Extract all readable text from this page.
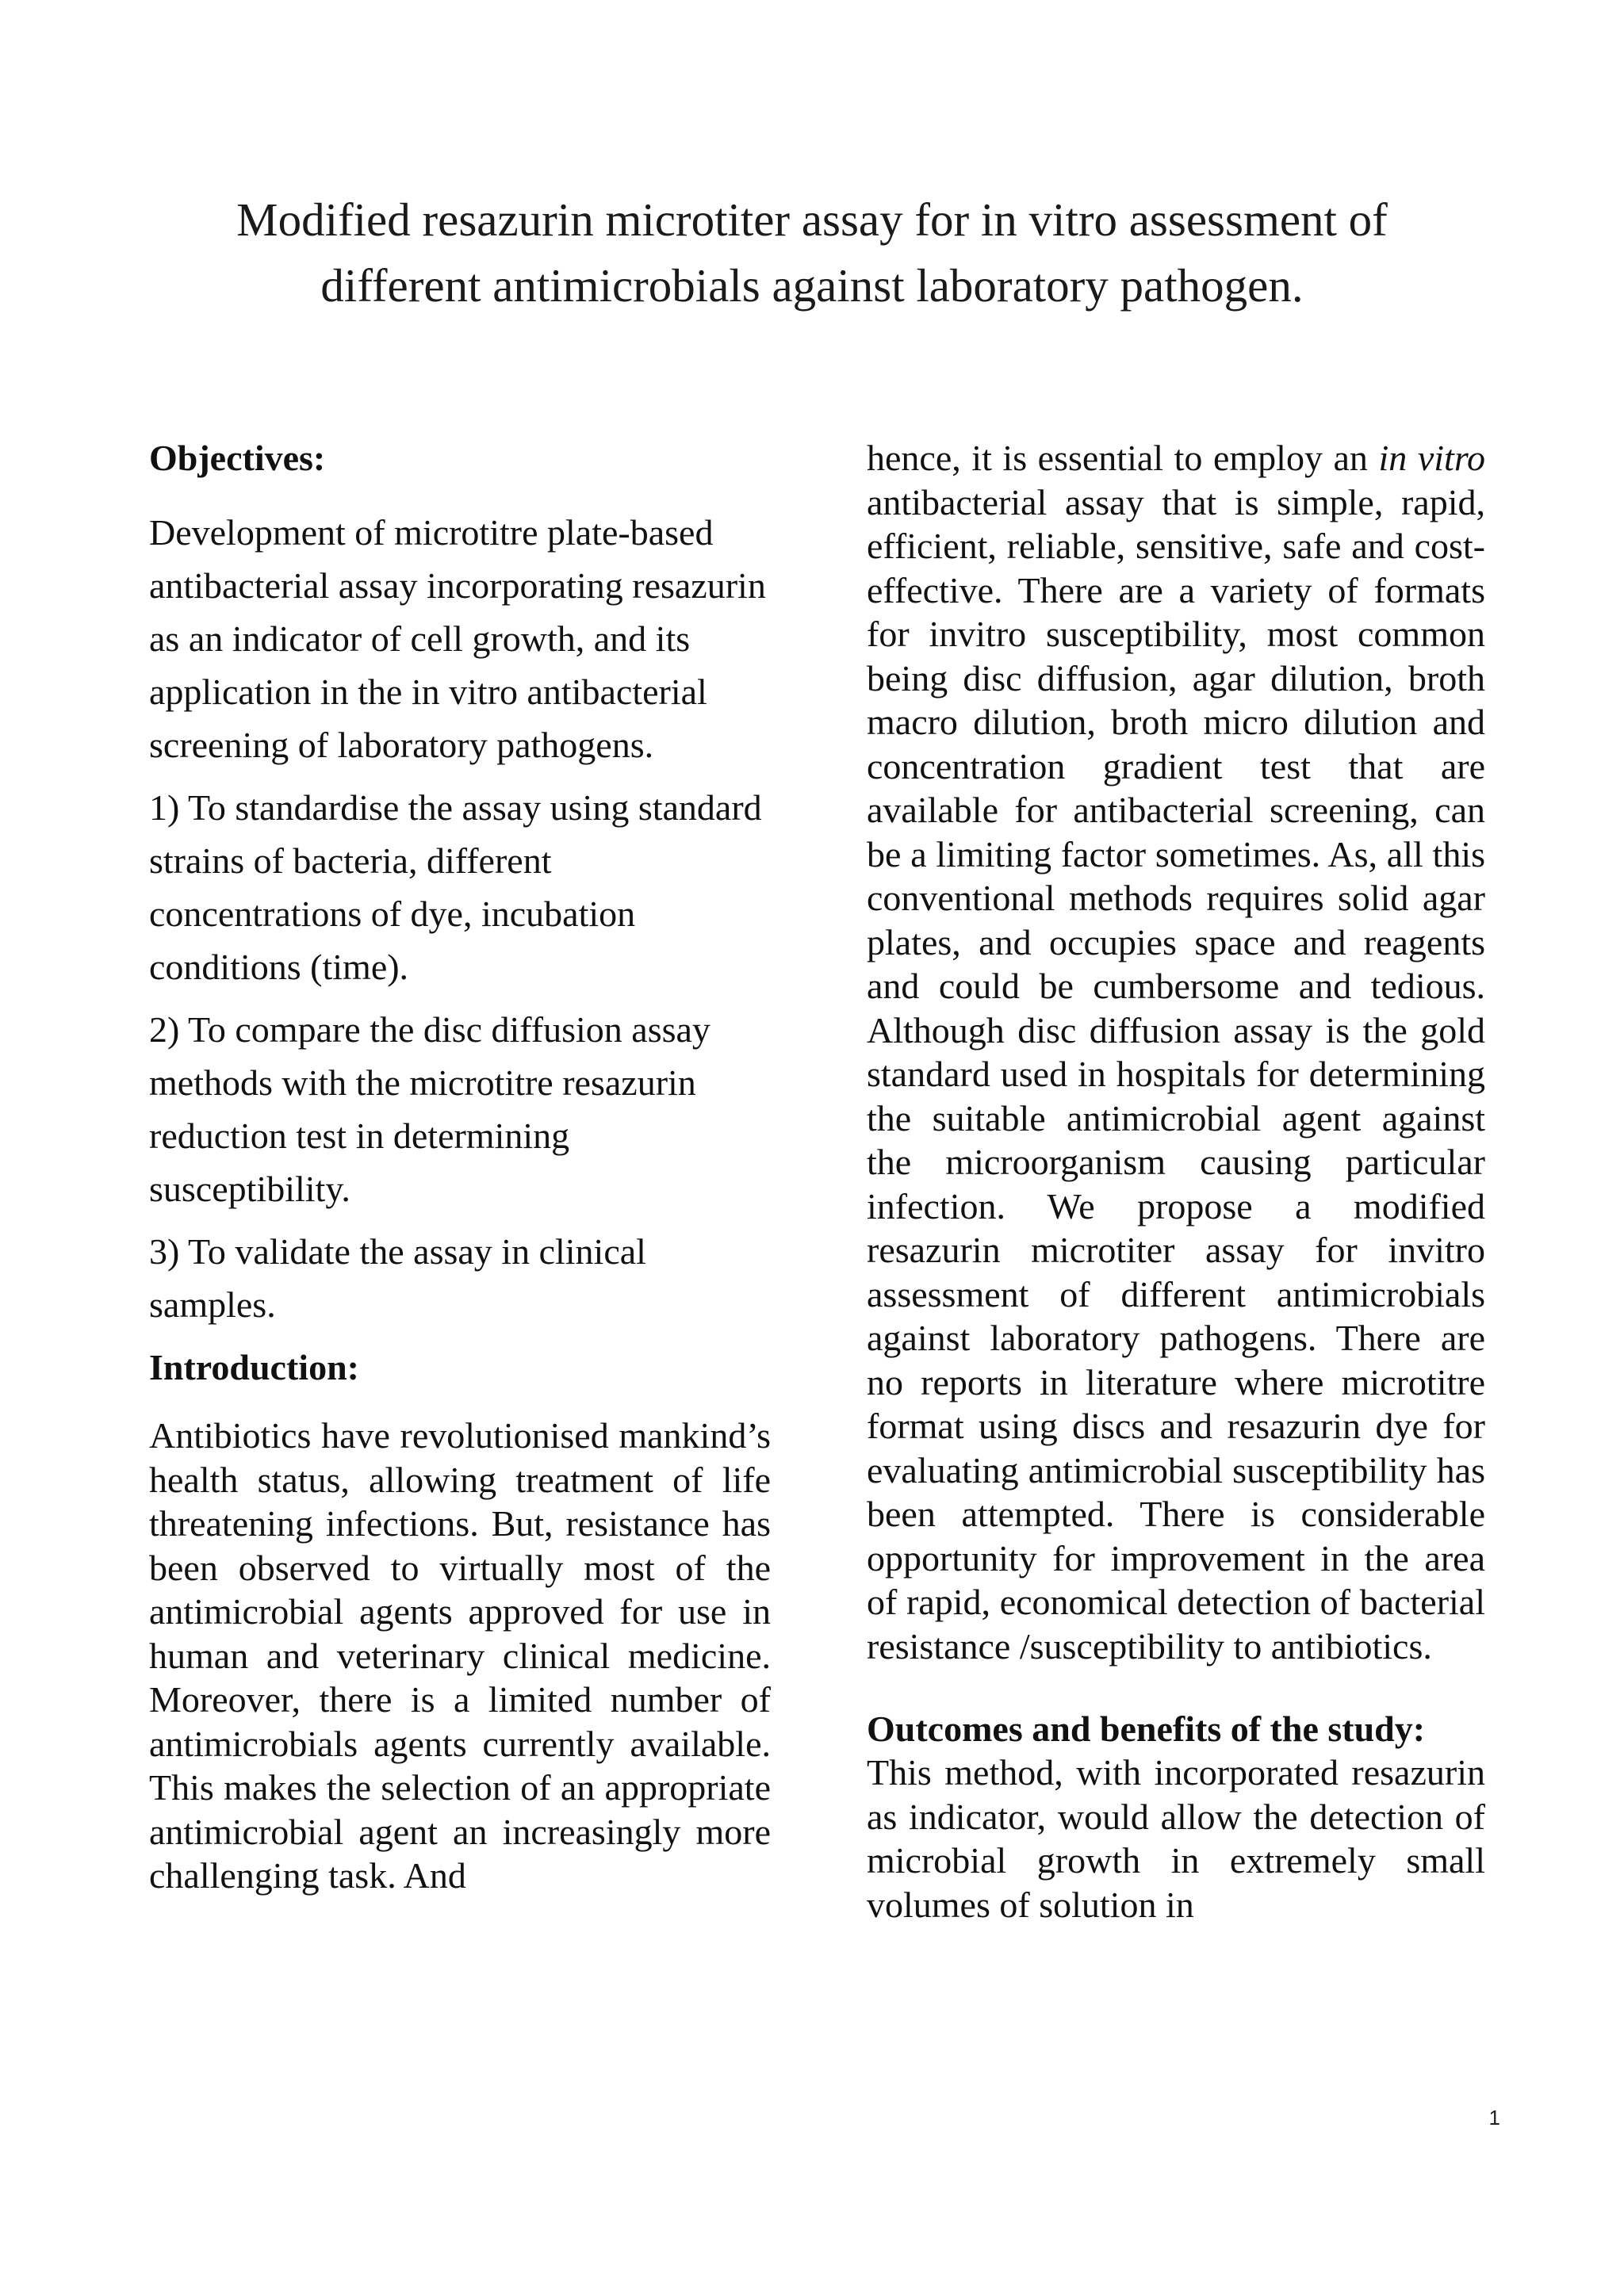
Modified resazurin microtiter assay for in vitro assessment of
different antimicrobials against laboratory pathogen.
Objectives:

Development of microtitre plate-based antibacterial assay incorporating resazurin as an indicator of cell growth, and its application in the in vitro antibacterial screening of laboratory pathogens.

1) To standardise the assay using standard strains of bacteria, different concentrations of dye, incubation conditions (time).

2) To compare the disc diffusion assay methods with the microtitre resazurin reduction test in determining susceptibility.

3) To validate the assay in clinical samples.

Introduction:

Antibiotics have revolutionised mankind’s health status, allowing treatment of life threatening infections. But, resistance has been observed to virtually most of the antimicrobial agents approved for use in human and veterinary clinical medicine. Moreover, there is a limited number of antimicrobials agents currently available. This makes the selection of an appropriate antimicrobial agent an increasingly more challenging task. And

hence, it is essential to employ an in vitro antibacterial assay that is simple, rapid, efficient, reliable, sensitive, safe and cost-effective. There are a variety of formats for invitro susceptibility, most common being disc diffusion, agar dilution, broth macro dilution, broth micro dilution and concentration gradient test that are available for antibacterial screening, can be a limiting factor sometimes. As, all this conventional methods requires solid agar plates, and occupies space and reagents and could be cumbersome and tedious. Although disc diffusion assay is the gold standard used in hospitals for determining the suitable antimicrobial agent against the microorganism causing particular infection. We propose a modified resazurin microtiter assay for invitro assessment of different antimicrobials against laboratory pathogens. There are no reports in literature where microtitre format using discs and resazurin dye for evaluating antimicrobial susceptibility has been attempted. There is considerable opportunity for improvement in the area of rapid, economical detection of bacterial resistance /susceptibility to antibiotics.

Outcomes and benefits of the study:

This method, with incorporated resazurin as indicator, would allow the detection of microbial growth in extremely small volumes of solution in

1
